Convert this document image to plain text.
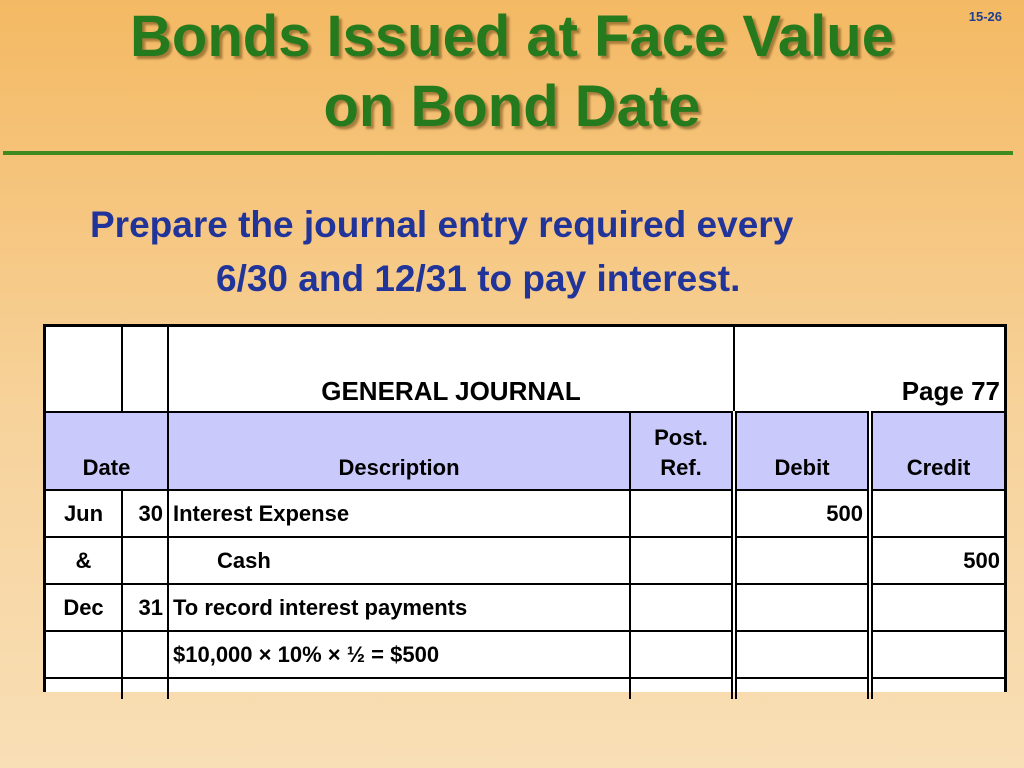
15-26
Bonds Issued at Face Value
on Bond Date
Prepare the journal entry required every
6/30 and 12/31 to pay interest.
		GENERAL JOURNAL			Page 77
Date		Description	Post.
Ref.	Debit	Credit
Jun	30	Interest Expense		500	
&		Cash			500
Dec	31	To record interest payments			
		$10,000 × 10% × ½ = $500			
